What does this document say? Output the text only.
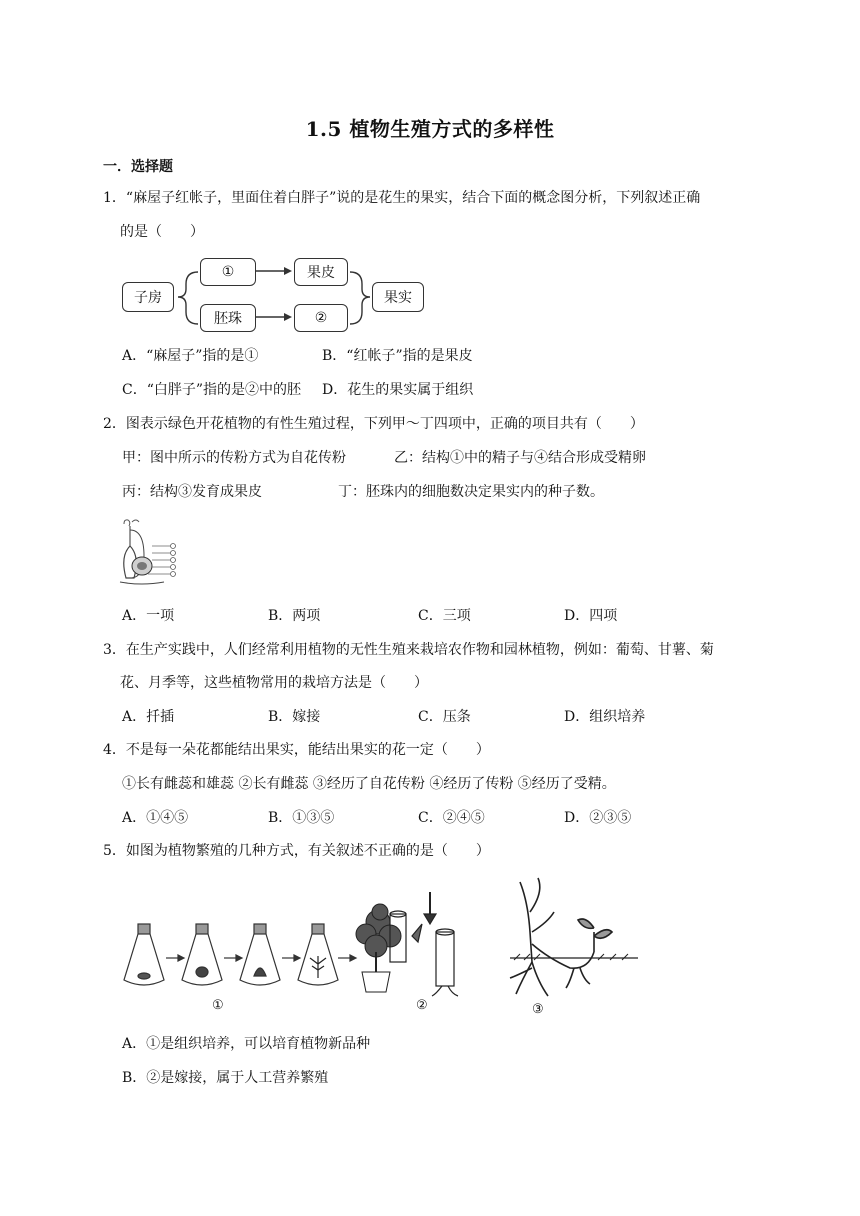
1.5 植物生殖方式的多样性
一．选择题
1．“麻屋子红帐子，里面住着白胖子”说的是花生的果实，结合下面的概念图分析，下列叙述正确
的是（　　）
子房
①	果皮
胚珠	②
果实
A．“麻屋子”指的是①	B．“红帐子”指的是果皮
C．“白胖子”指的是②中的胚 D．花生的果实属于组织
2．图表示绿色开花植物的有性生殖过程，下列甲～丁四项中，正确的项目共有（　　）
甲：图中所示的传粉方式为自花传粉	乙：结构①中的精子与④结合形成受精卵
丙：结构③发育成果皮	丁：胚珠内的细胞数决定果实内的种子数。
A．一项	B．两项	C．三项	D．四项
3．在生产实践中，人们经常利用植物的无性生殖来栽培农作物和园林植物，例如：葡萄、甘薯、菊
花、月季等，这些植物常用的栽培方法是（　　）
A．扦插	B．嫁接	C．压条	D．组织培养
4．不是每一朵花都能结出果实，能结出果实的花一定（　　）
①长有雌蕊和雄蕊 ②长有雌蕊 ③经历了自花传粉 ④经历了传粉 ⑤经历了受精。
A．①④⑤	B．①③⑤	C．②④⑤	D．②③⑤
5．如图为植物繁殖的几种方式，有关叙述不正确的是（　　）
①	②	③
A．①是组织培养，可以培育植物新品种
B．②是嫁接，属于人工营养繁殖
